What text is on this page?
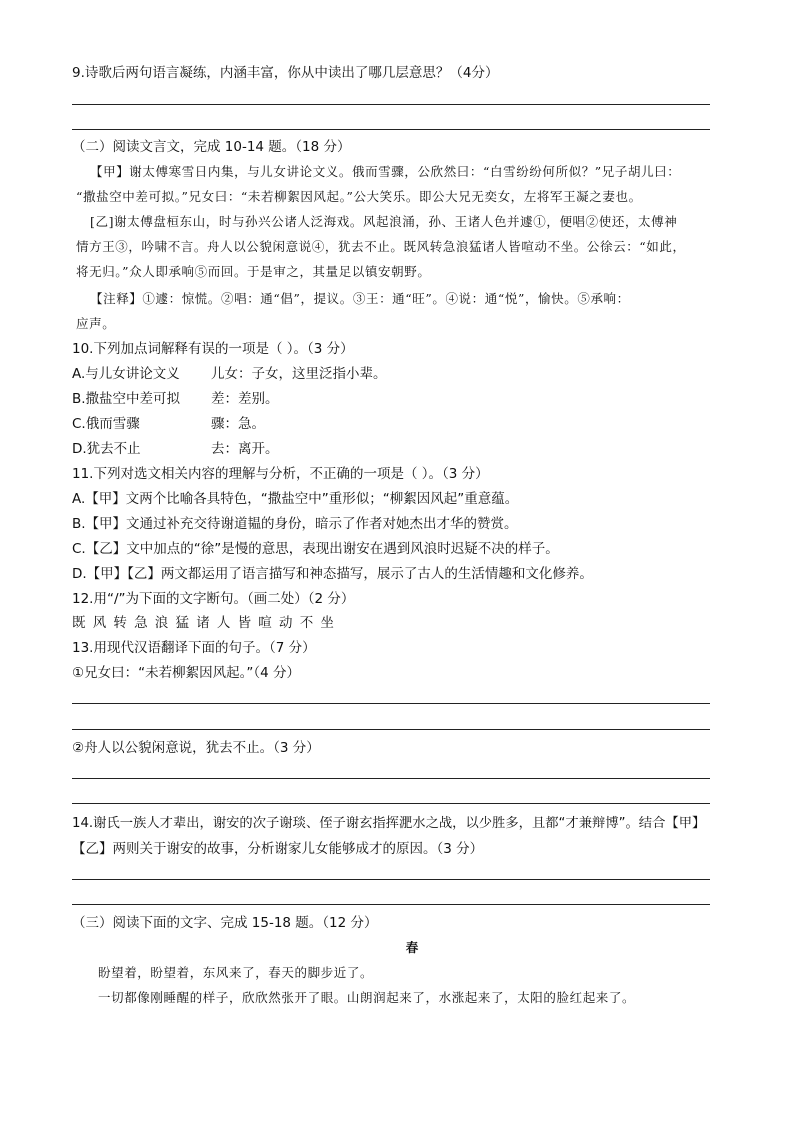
9.诗歌后两句语言凝练，内涵丰富，你从中读出了哪几层意思？（4分）
（二）阅读文言文，完成 10-14 题。（18 分）
【甲】谢太傅寒雪日内集，与儿女讲论文义。俄而雪骤，公欣然曰：“白雪纷纷何所似？”兄子胡儿曰：
“撒盐空中差可拟。”兄女曰：“未若柳絮因风起。”公大笑乐。即公大兄无奕女，左将军王凝之妻也。
[乙]谢太傅盘桓东山，时与孙兴公诸人泛海戏。风起浪涌，孙、王诸人色并遽①，便唱②使还，太傅神
情方王③，吟啸不言。舟人以公貌闲意说④，犹去不止。既风转急浪猛诸人皆喧动不坐。公徐云：“如此，
将无归。”众人即承响⑤而回。于是审之，其量足以镇安朝野。
【注释】①遽：惊慌。②唱：通“倡”，提议。③王：通“旺”。④说：通“悦”，愉快。⑤承响：
应声。
10.下列加点词解释有误的一项是（ ）。（3 分）
A.与儿女讲论文义 儿女：子女，这里泛指小辈。
B.撒盐空中差可拟 差：差别。
C.俄而雪骤	骤：急。
D.犹去不止	去：离开。
11.下列对选文相关内容的理解与分析，不正确的一项是（ ）。（3 分）
A.【甲】文两个比喻各具特色，“撒盐空中”重形似；“柳絮因风起”重意蕴。
B.【甲】文通过补充交待谢道韫的身份，暗示了作者对她杰出才华的赞赏。
C.【乙】文中加点的“徐”是慢的意思，表现出谢安在遇到风浪时迟疑不决的样子。
D.【甲】【乙】两文都运用了语言描写和神态描写，展示了古人的生活情趣和文化修养。
12.用“/”为下面的文字断句。（画二处）（2 分）
既风转急浪猛诸人皆喧动不坐
13.用现代汉语翻译下面的句子。（7 分）
①兄女曰：“未若柳絮因风起。”（4 分）
②舟人以公貌闲意说，犹去不止。（3 分）
14.谢氏一族人才辈出，谢安的次子谢琰、侄子谢玄指挥淝水之战，以少胜多，且都“才兼辩博”。结合【甲】
【乙】两则关于谢安的故事，分析谢家儿女能够成才的原因。（3 分）
（三）阅读下面的文字、完成 15-18 题。（12 分）
春
盼望着，盼望着，东风来了，春天的脚步近了。
一切都像刚睡醒的样子，欣欣然张开了眼。山朗润起来了，水涨起来了，太阳的脸红起来了。
